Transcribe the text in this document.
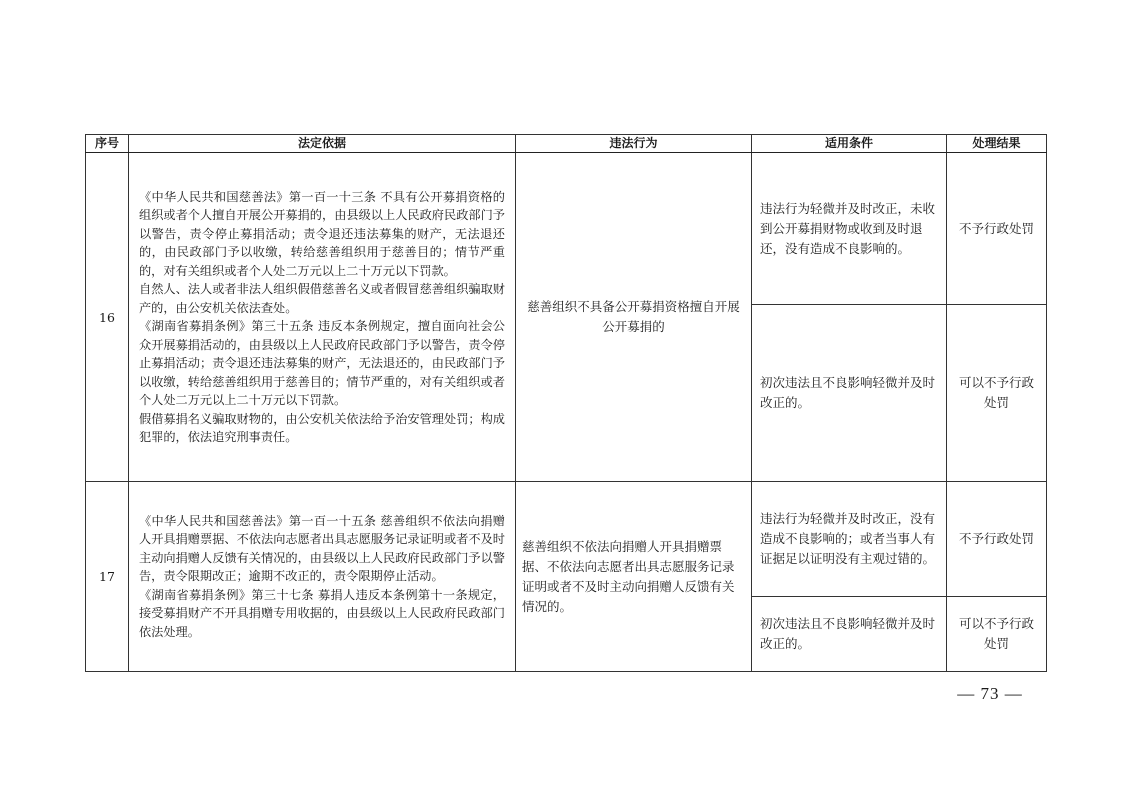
序号	法定依据	违法行为	适用条件	处理结果
16	《中华人民共和国慈善法》第一百一十三条 不具有公开募捐资格的组织或者个人擅自开展公开募捐的，由县级以上人民政府民政部门予以警告，责令停止募捐活动；责令退还违法募集的财产，无法退还的，由民政部门予以收缴，转给慈善组织用于慈善目的；情节严重的，对有关组织或者个人处二万元以上二十万元以下罚款。
自然人、法人或者非法人组织假借慈善名义或者假冒慈善组织骗取财产的，由公安机关依法查处。
《湖南省募捐条例》第三十五条 违反本条例规定，擅自面向社会公众开展募捐活动的，由县级以上人民政府民政部门予以警告，责令停止募捐活动；责令退还违法募集的财产，无法退还的，由民政部门予以收缴，转给慈善组织用于慈善目的；情节严重的，对有关组织或者个人处二万元以上二十万元以下罚款。
假借募捐名义骗取财物的，由公安机关依法给予治安管理处罚；构成犯罪的，依法追究刑事责任。	慈善组织不具备公开募捐资格擅自开展公开募捐的	违法行为轻微并及时改正，未收到公开募捐财物或收到及时退还，没有造成不良影响的。	不予行政处罚
			初次违法且不良影响轻微并及时改正的。	可以不予行政处罚
17	《中华人民共和国慈善法》第一百一十五条 慈善组织不依法向捐赠人开具捐赠票据、不依法向志愿者出具志愿服务记录证明或者不及时主动向捐赠人反馈有关情况的，由县级以上人民政府民政部门予以警告，责令限期改正；逾期不改正的，责令限期停止活动。
《湖南省募捐条例》第三十七条 募捐人违反本条例第十一条规定，接受募捐财产不开具捐赠专用收据的，由县级以上人民政府民政部门依法处理。	慈善组织不依法向捐赠人开具捐赠票据、不依法向志愿者出具志愿服务记录证明或者不及时主动向捐赠人反馈有关情况的。	违法行为轻微并及时改正，没有造成不良影响的；或者当事人有证据足以证明没有主观过错的。	不予行政处罚
			初次违法且不良影响轻微并及时改正的。	可以不予行政处罚
— 73 —
